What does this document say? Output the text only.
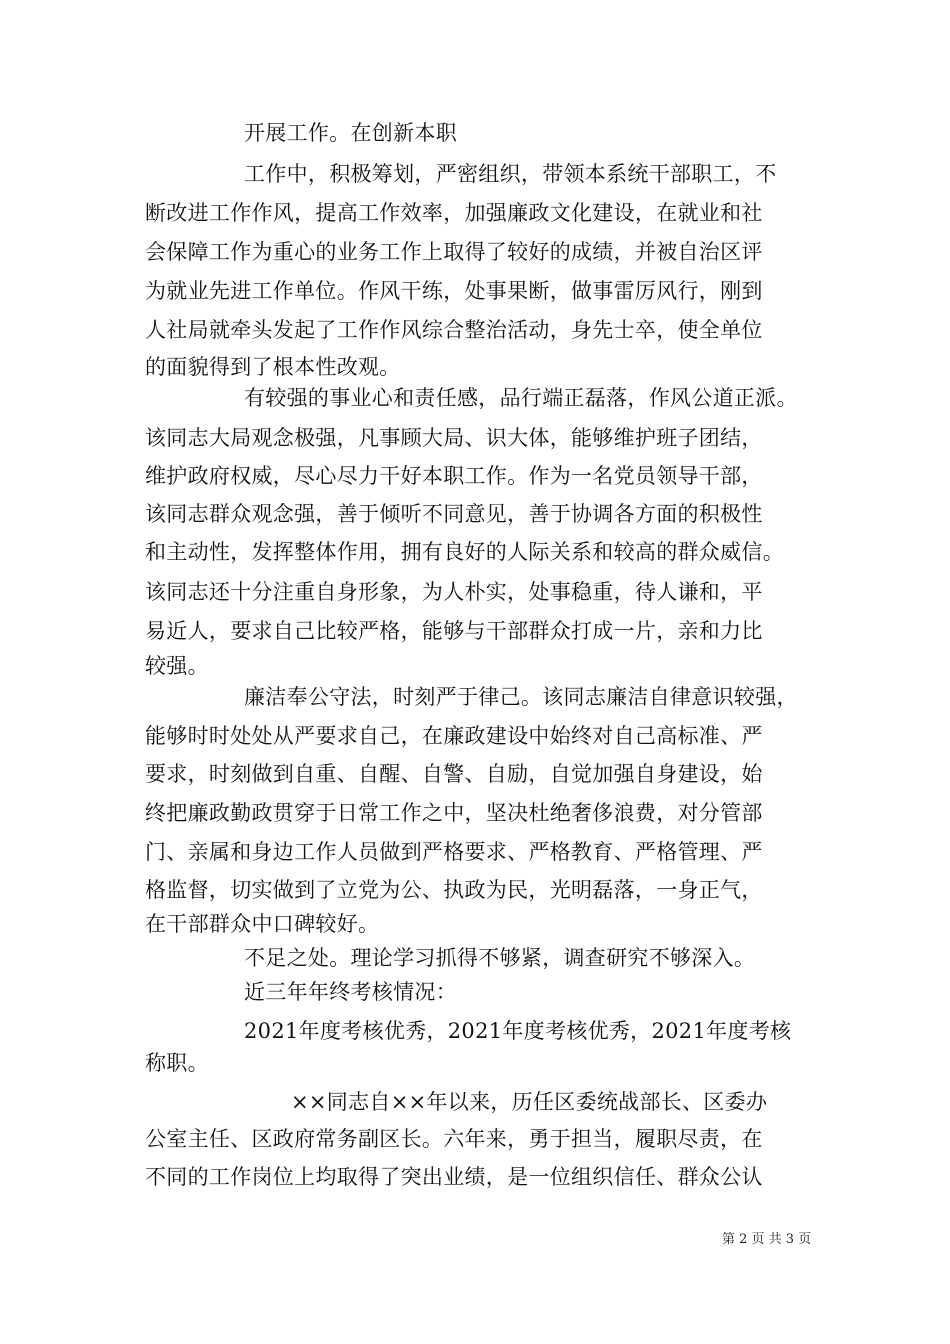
开展工作。在创新本职
工作中，积极筹划，严密组织，带领本系统干部职工，不
断改进工作作风，提高工作效率，加强廉政文化建设，在就业和社
会保障工作为重心的业务工作上取得了较好的成绩，并被自治区评
为就业先进工作单位。作风干练，处事果断，做事雷厉风行，刚到
人社局就牵头发起了工作作风综合整治活动，身先士卒，使全单位
的面貌得到了根本性改观。
有较强的事业心和责任感，品行端正磊落，作风公道正派。
该同志大局观念极强，凡事顾大局、识大体，能够维护班子团结，
维护政府权威，尽心尽力干好本职工作。作为一名党员领导干部，
该同志群众观念强，善于倾听不同意见，善于协调各方面的积极性
和主动性，发挥整体作用，拥有良好的人际关系和较高的群众威信。
该同志还十分注重自身形象，为人朴实，处事稳重，待人谦和，平
易近人，要求自己比较严格，能够与干部群众打成一片，亲和力比
较强。
廉洁奉公守法，时刻严于律己。该同志廉洁自律意识较强，
能够时时处处从严要求自己，在廉政建设中始终对自己高标准、严
要求，时刻做到自重、自醒、自警、自励，自觉加强自身建设，始
终把廉政勤政贯穿于日常工作之中，坚决杜绝奢侈浪费，对分管部
门、亲属和身边工作人员做到严格要求、严格教育、严格管理、严
格监督，切实做到了立党为公、执政为民，光明磊落，一身正气，
在干部群众中口碑较好。
不足之处。理论学习抓得不够紧，调查研究不够深入。
近三年年终考核情况：
2021年度考核优秀，2021年度考核优秀，2021年度考核
称职。
××同志自××年以来，历任区委统战部长、区委办
公室主任、区政府常务副区长。六年来，勇于担当，履职尽责，在
不同的工作岗位上均取得了突出业绩，是一位组织信任、群众公认
第 2 页 共 3 页
